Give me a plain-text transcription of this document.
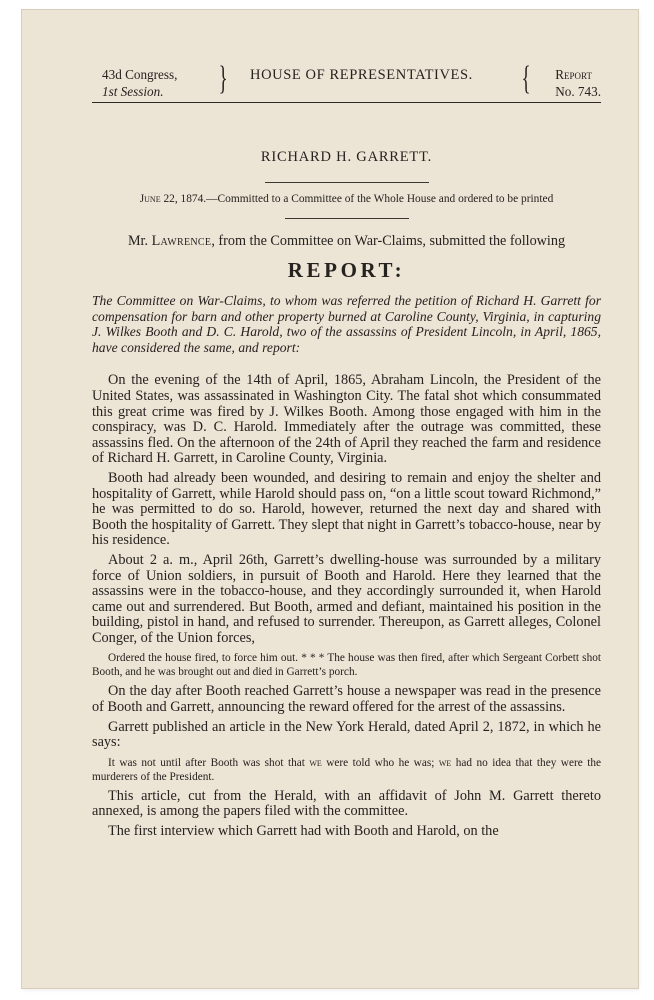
43d Congress,
1st Session.	} HOUSE OF REPRESENTATIVES. { Report
No. 743.
RICHARD H. GARRETT.
June 22, 1874.—Committed to a Committee of the Whole House and ordered to be printed
Mr. Lawrence, from the Committee on War-Claims, submitted the following
REPORT:
The Committee on War-Claims, to whom was referred the petition of Richard H. Garrett for compensation for barn and other property burned at Caroline County, Virginia, in capturing J. Wilkes Booth and D. C. Harold, two of the assassins of President Lincoln, in April, 1865, have considered the same, and report:

On the evening of the 14th of April, 1865, Abraham Lincoln, the President of the United States, was assassinated in Washington City. The fatal shot which consummated this great crime was fired by J. Wilkes Booth. Among those engaged with him in the conspiracy, was D. C. Harold. Immediately after the outrage was committed, these assassins fled. On the afternoon of the 24th of April they reached the farm and residence of Richard H. Garrett, in Caroline County, Virginia.

Booth had already been wounded, and desiring to remain and enjoy the shelter and hospitality of Garrett, while Harold should pass on, “on a little scout toward Richmond,” he was permitted to do so. Harold, however, returned the next day and shared with Booth the hospitality of Garrett. They slept that night in Garrett’s tobacco-house, near by his residence.

About 2 a. m., April 26th, Garrett’s dwelling-house was surrounded by a military force of Union soldiers, in pursuit of Booth and Harold. Here they learned that the assassins were in the tobacco-house, and they accordingly surrounded it, when Harold came out and surrendered. But Booth, armed and defiant, maintained his position in the building, pistol in hand, and refused to surrender. Thereupon, as Garrett alleges, Colonel Conger, of the Union forces,

Ordered the house fired, to force him out. * * * The house was then fired, after which Sergeant Corbett shot Booth, and he was brought out and died in Garrett’s porch.

On the day after Booth reached Garrett’s house a newspaper was read in the presence of Booth and Garrett, announcing the reward offered for the arrest of the assassins.

Garrett published an article in the New York Herald, dated April 2, 1872, in which he says:

It was not until after Booth was shot that we were told who he was; we had no idea that they were the murderers of the President.

This article, cut from the Herald, with an affidavit of John M. Garrett thereto annexed, is among the papers filed with the committee.

The first interview which Garrett had with Booth and Harold, on the
